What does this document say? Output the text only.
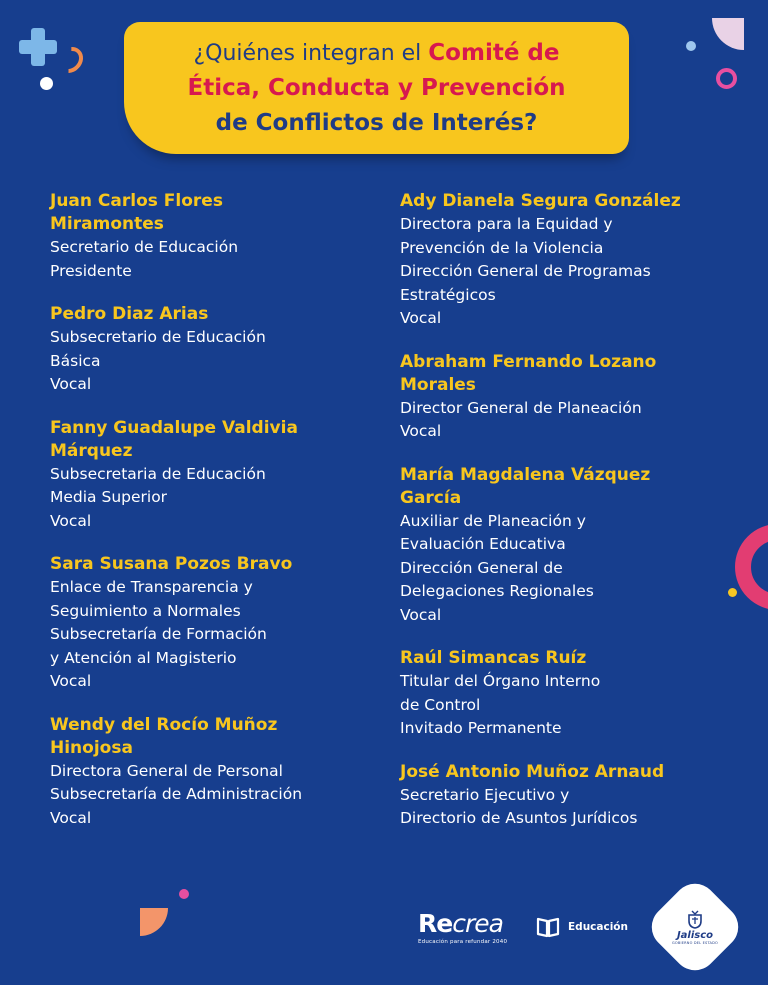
¿Quiénes integran el Comité de
Ética, Conducta y Prevención
de Conflictos de Interés?
Juan Carlos Flores
Miramontes
Secretario de Educación
Presidente
Pedro Diaz Arias
Subsecretario de Educación
Básica
Vocal
Fanny Guadalupe Valdivia
Márquez
Subsecretaria de Educación
Media Superior
Vocal
Sara Susana Pozos Bravo
Enlace de Transparencia y
Seguimiento a Normales
Subsecretaría de Formación
y Atención al Magisterio
Vocal
Wendy del Rocío Muñoz
Hinojosa
Directora General de Personal
Subsecretaría de Administración
Vocal
Ady Dianela Segura González
Directora para la Equidad y
Prevención de la Violencia
Dirección General de Programas
Estratégicos
Vocal
Abraham Fernando Lozano
Morales
Director General de Planeación
Vocal
María Magdalena Vázquez
García
Auxiliar de Planeación y
Evaluación Educativa
Dirección General de
Delegaciones Regionales
Vocal
Raúl Simancas Ruíz
Titular del Órgano Interno
de Control
Invitado Permanente
José Antonio Muñoz Arnaud
Secretario Ejecutivo y
Directorio de Asuntos Jurídicos
Recrea
Educación para refundar 2040
Educación
Jalisco
GOBIERNO DEL ESTADO
